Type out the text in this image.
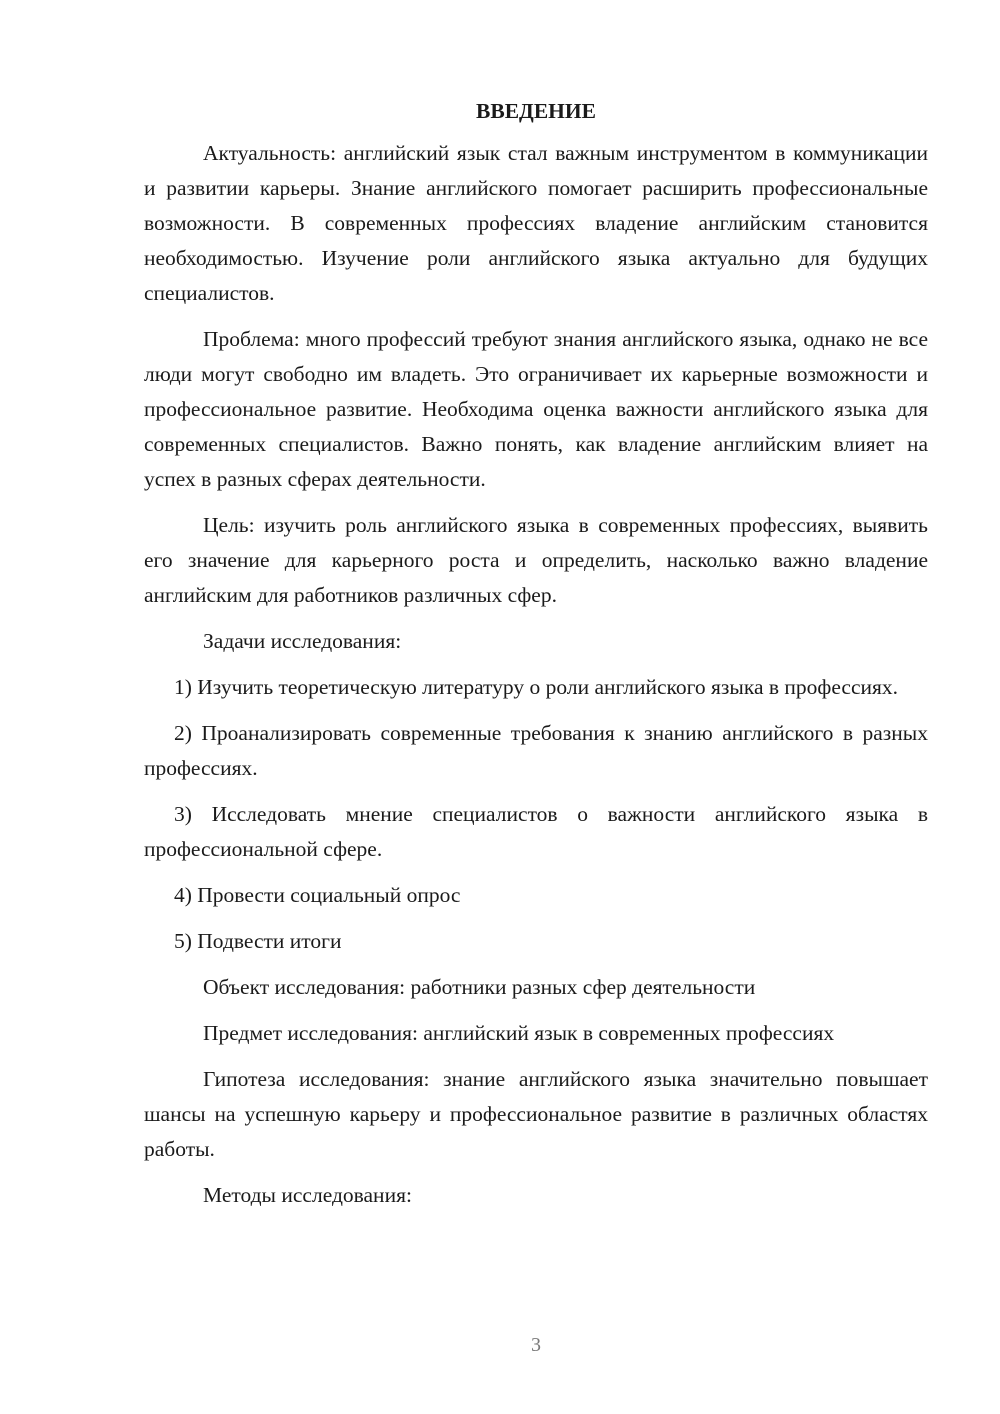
ВВЕДЕНИЕ
Актуальность: английский язык стал важным инструментом в коммуникации и развитии карьеры. Знание английского помогает расширить профессиональные возможности. В современных профессиях владение английским становится необходимостью. Изучение роли английского языка актуально для будущих специалистов.
Проблема: много профессий требуют знания английского языка, однако не все люди могут свободно им владеть. Это ограничивает их карьерные возможности и профессиональное развитие. Необходима оценка важности английского языка для современных специалистов. Важно понять, как владение английским влияет на успех в разных сферах деятельности.
Цель: изучить роль английского языка в современных профессиях, выявить его значение для карьерного роста и определить, насколько важно владение английским для работников различных сфер.
Задачи исследования:
1) Изучить теоретическую литературу о роли английского языка в профессиях.
2) Проанализировать современные требования к знанию английского в разных профессиях.
3) Исследовать мнение специалистов о важности английского языка в профессиональной сфере.
4) Провести социальный опрос
5) Подвести итоги
Объект исследования: работники разных сфер деятельности
Предмет исследования: английский язык в современных профессиях
Гипотеза исследования: знание английского языка значительно повышает шансы на успешную карьеру и профессиональное развитие в различных областях работы.
Методы исследования:
3
